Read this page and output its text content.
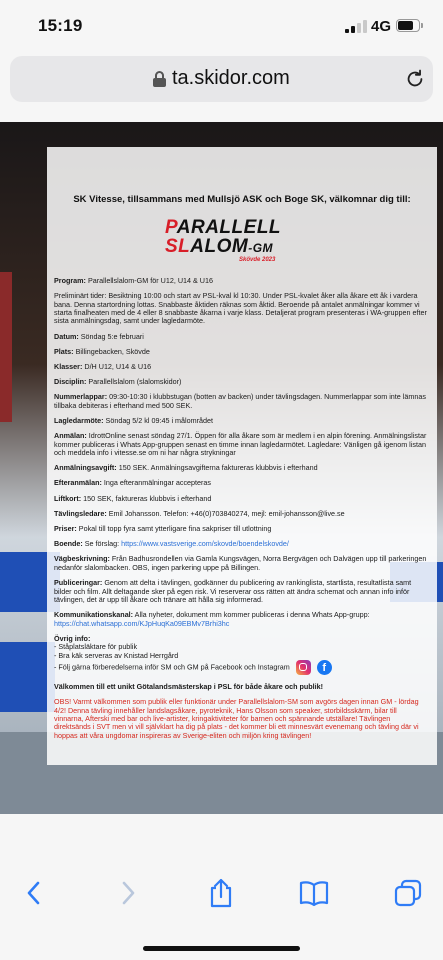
15:19	4G
ta.skidor.com
SK Vitesse, tillsammans med Mullsjö ASK och Boge SK, välkomnar dig till:
PARALLELL
SLALOM-GM
Skövde 2023

Program: Parallellslalom-GM för U12, U14 & U16

Preliminärt tider: Besiktning 10:00 och start av PSL-kval kl 10:30. Under PSL-kvalet åker alla åkare ett åk i vardera bana. Denna startordning lottas. Snabbaste åktiden räknas som åktid. Beroende på antalet anmälningar kommer vi starta finalheaten med de 4 eller 8 snabbaste åkarna i varje klass. Detaljerat program presenteras i WA-gruppen efter sista anmälningsdag, samt under lagledarmöte.

Datum: Söndag 5:e februari

Plats: Billingebacken, Skövde

Klasser: D/H U12, U14 & U16

Disciplin: Parallellslalom (slalomskidor)

Nummerlappar: 09:30-10:30 i klubbstugan (botten av backen) under tävlingsdagen. Nummerlappar som inte lämnas tillbaka debiteras i efterhand med 500 SEK.

Lagledarmöte: Söndag 5/2 kl 09:45 i målområdet

Anmälan: IdrottOnline senast söndag 27/1. Öppen för alla åkare som är medlem i en alpin förening. Anmälningslistar kommer publiceras i Whats App-gruppen senast en timme innan lagledarmötet. Lagledare: Vänligen gå igenom listan och meddela info i vitesse.se om ni har några strykningar

Anmälningsavgift: 150 SEK. Anmälningsavgifterna faktureras klubbvis i efterhand

Efteranmälan: Inga efteranmälningar accepteras

Liftkort: 150 SEK, faktureras klubbvis i efterhand

Tävlingsledare: Emil Johansson. Telefon: +46(0)703840274, mejl: emil-johansson@live.se

Priser: Pokal till topp fyra samt ytterligare fina sakpriser till utlottning

Boende: Se förslag: https://www.vastsverige.com/skovde/boendelskovde/

Vägbeskrivning: Från Badhusrondellen via Gamla Kungsvägen, Norra Bergvägen och Dalvägen upp till parkeringen nedanför slalombacken. OBS, ingen parkering uppe på Billingen.

Publiceringar: Genom att delta i tävlingen, godkänner du publicering av rankinglista, startlista, resultatlista samt bilder och film. Allt deltagande sker på egen risk. Vi reserverar oss rätten att ändra schemat och annan info inför tävlingen, det är upp till åkare och tränare att hålla sig informerad.

Kommunikationskanal: Alla nyheter, dokument mm kommer publiceras i denna Whats App-grupp:
https://chat.whatsapp.com/KJpHuqKa09EBMv7Brhi3hc

Övrig info:
- Ståplatsläktare för publik
- Bra kāk serveras av Knistad Herrgård
- Följ gärna förberedelserna inför SM och GM på Facebook och Instagram	f

Välkommen till ett unikt Götalandsmästerskap i PSL för både åkare och publik!

OBS! Varmt välkommen som publik eller funktionär under Parallellslalom-SM som avgörs dagen innan GM - lördag 4/2! Denna tävling innehåller landslagsåkare, pyroteknik, Hans Olsson som speaker, storbildsskärm, bilar till vinnarna, Afterski med bar och live-artister, kringaktiviteter för barnen och spännande utställare! Tävlingen direktsänds i SVT men vi vill självklart ha dig på plats - det kommer bli ett minnesvärt evenemang och tävling där vi hoppas att våra ungdomar inspireras av Sverige-eliten och miljön kring tävlingen!
